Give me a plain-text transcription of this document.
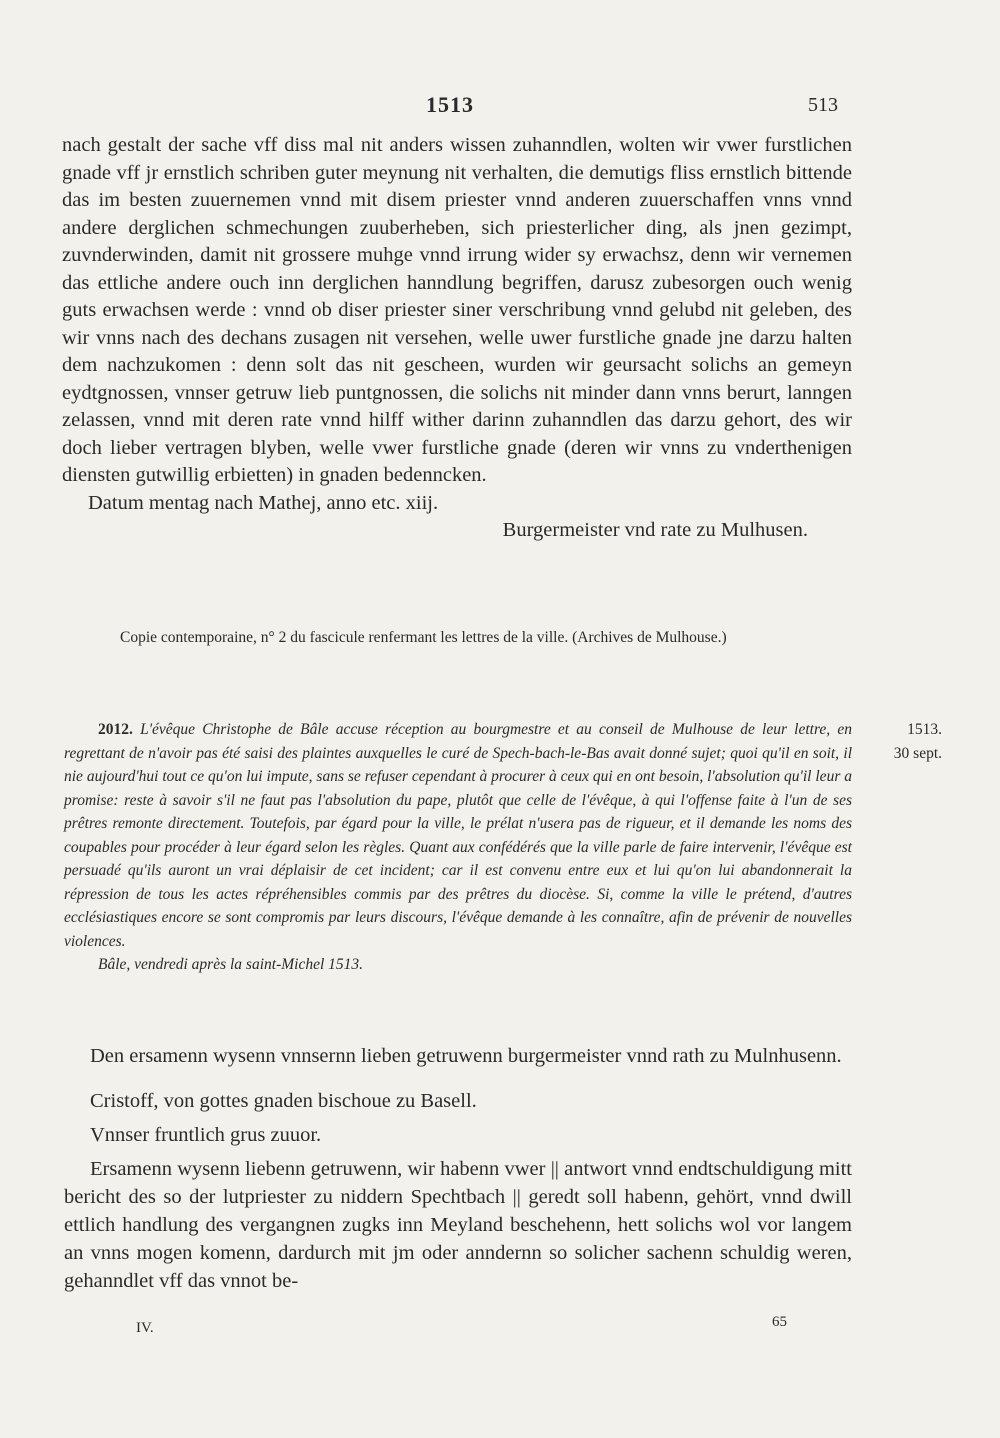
1513	513

nach gestalt der sache vff diss mal nit anders wissen zuhanndlen, wolten wir vwer furstlichen gnade vff jr ernstlich schriben guter meynung nit verhalten, die demutigs fliss ernstlich bittende das im besten zuuernemen vnnd mit disem priester vnnd anderen zuuerschaffen vnns vnnd andere derglichen schmechungen zuuberheben, sich priesterlicher ding, als jnen gezimpt, zuvnderwinden, damit nit grossere muhge vnnd irrung wider sy erwachsz, denn wir vernemen das ettliche andere ouch inn derglichen hanndlung begriffen, darusz zubesorgen ouch wenig guts erwachsen werde : vnnd ob diser priester siner verschribung vnnd gelubd nit geleben, des wir vnns nach des dechans zusagen nit versehen, welle uwer furstliche gnade jne darzu halten dem nachzukomen : denn solt das nit gescheen, wurden wir geursacht solichs an gemeyn eydtgnossen, vnnser getruw lieb puntgnossen, die solichs nit minder dann vnns berurt, lanngen zelassen, vnnd mit deren rate vnnd hilff wither darinn zuhanndlen das darzu gehort, des wir doch lieber vertragen blyben, welle vwer furstliche gnade (deren wir vnns zu vnderthenigen diensten gutwillig erbietten) in gnaden bedenncken.

Datum mentag nach Mathej, anno etc. xiij.

Burgermeister vnd rate zu Mulhusen.

Copie contemporaine, n° 2 du fascicule renfermant les lettres de la ville. (Archives de Mulhouse.)

2012. L'évêque Christophe de Bâle accuse réception au bourgmestre et au conseil de Mulhouse de leur lettre, en regrettant de n'avoir pas été saisi des plaintes auxquelles le curé de Spech-bach-le-Bas avait donné sujet; quoi qu'il en soit, il nie aujourd'hui tout ce qu'on lui impute, sans se refuser cependant à procurer à ceux qui en ont besoin, l'absolution qu'il leur a promise: reste à savoir s'il ne faut pas l'absolution du pape, plutôt que celle de l'évêque, à qui l'offense faite à l'un de ses prêtres remonte directement. Toutefois, par égard pour la ville, le prélat n'usera pas de rigueur, et il demande les noms des coupables pour procéder à leur égard selon les règles. Quant aux confédérés que la ville parle de faire intervenir, l'évêque est persuadé qu'ils auront un vrai déplaisir de cet incident; car il est convenu entre eux et lui qu'on lui abandonnerait la répression de tous les actes répréhensibles commis par des prêtres du diocèse. Si, comme la ville le prétend, d'autres ecclésiastiques encore se sont compromis par leurs discours, l'évêque demande à les connaître, afin de prévenir de nouvelles violences.

Bâle, vendredi après la saint-Michel 1513.

1513.
30 sept.

Den ersamenn wysenn vnnsernn lieben getruwenn burgermeister vnnd rath zu Mulnhusenn.

Cristoff, von gottes gnaden bischoue zu Basell.

Vnnser fruntlich grus zuuor.

Ersamenn wysenn liebenn getruwenn, wir habenn vwer || antwort vnnd endtschuldigung mitt bericht des so der lutpriester zu niddern Spechtbach || geredt soll habenn, gehört, vnnd dwill ettlich handlung des vergangnen zugks inn Meyland beschehenn, hett solichs wol vor langem an vnns mogen komenn, dardurch mit jm oder anndernn so solicher sachenn schuldig weren, gehanndlet vff das vnnot be-

IV.	65
